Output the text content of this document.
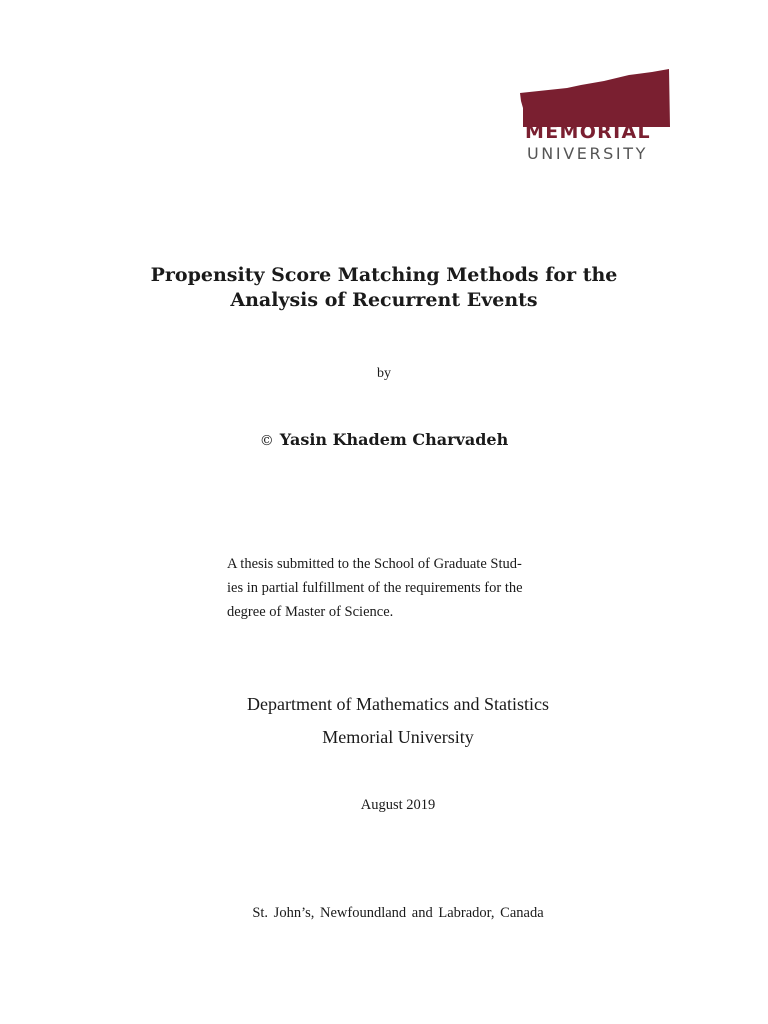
MEMORIAL
UNIVERSITY
Propensity Score Matching Methods for the
Analysis of Recurrent Events
by
© Yasin Khadem Charvadeh
A thesis submitted to the School of Graduate Stud-
ies in partial fulfillment of the requirements for the
degree of Master of Science.
Department of Mathematics and Statistics
Memorial University
August 2019
St. John’s, Newfoundland and Labrador, Canada
